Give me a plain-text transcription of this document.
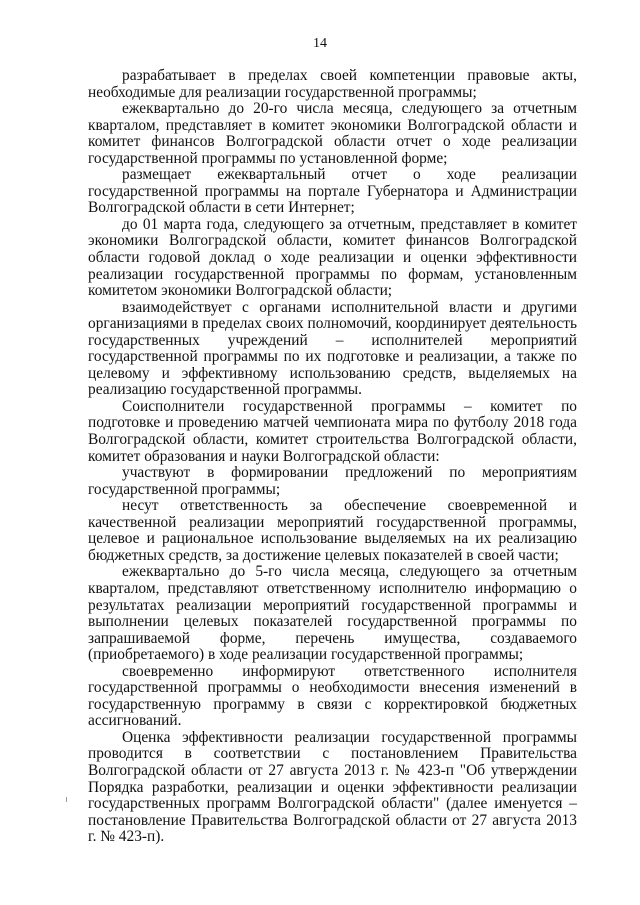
14

разрабатывает в пределах своей компетенции правовые акты, необходимые для реализации государственной программы;

ежеквартально до 20-го числа месяца, следующего за отчетным кварталом, представляет в комитет экономики Волгоградской области и комитет финансов Волгоградской области отчет о ходе реализации государственной программы по установленной форме;

размещает ежеквартальный отчет о ходе реализации государственной программы на портале Губернатора и Администрации Волгоградской области в сети Интернет;

до 01 марта года, следующего за отчетным, представляет в комитет экономики Волгоградской области, комитет финансов Волгоградской области годовой доклад о ходе реализации и оценки эффективности реализации государственной программы по формам, установленным комитетом экономики Волгоградской области;

взаимодействует с органами исполнительной власти и другими организациями в пределах своих полномочий, координирует деятельность государственных учреждений – исполнителей мероприятий государственной программы по их подготовке и реализации, а также по целевому и эффективному использованию средств, выделяемых на реализацию государственной программы.

Соисполнители государственной программы – комитет по подготовке и проведению матчей чемпионата мира по футболу 2018 года Волгоградской области, комитет строительства Волгоградской области, комитет образования и науки Волгоградской области:

участвуют в формировании предложений по мероприятиям государственной программы;

несут ответственность за обеспечение своевременной и качественной реализации мероприятий государственной программы, целевое и рациональное использование выделяемых на их реализацию бюджетных средств, за достижение целевых показателей в своей части;

ежеквартально до 5-го числа месяца, следующего за отчетным кварталом, представляют ответственному исполнителю информацию о результатах реализации мероприятий государственной программы и выполнении целевых показателей государственной программы по запрашиваемой форме, перечень имущества, создаваемого (приобретаемого) в ходе реализации государственной программы;

своевременно информируют ответственного исполнителя государственной программы о необходимости внесения изменений в государственную программу в связи с корректировкой бюджетных ассигнований.

Оценка эффективности реализации государственной программы проводится в соответствии с постановлением Правительства Волгоградской области от 27 августа 2013 г. № 423-п "Об утверждении Порядка разработки, реализации и оценки эффективности реализации государственных программ Волгоградской области" (далее именуется – постановление Правительства Волгоградской области от 27 августа 2013 г. № 423-п).
